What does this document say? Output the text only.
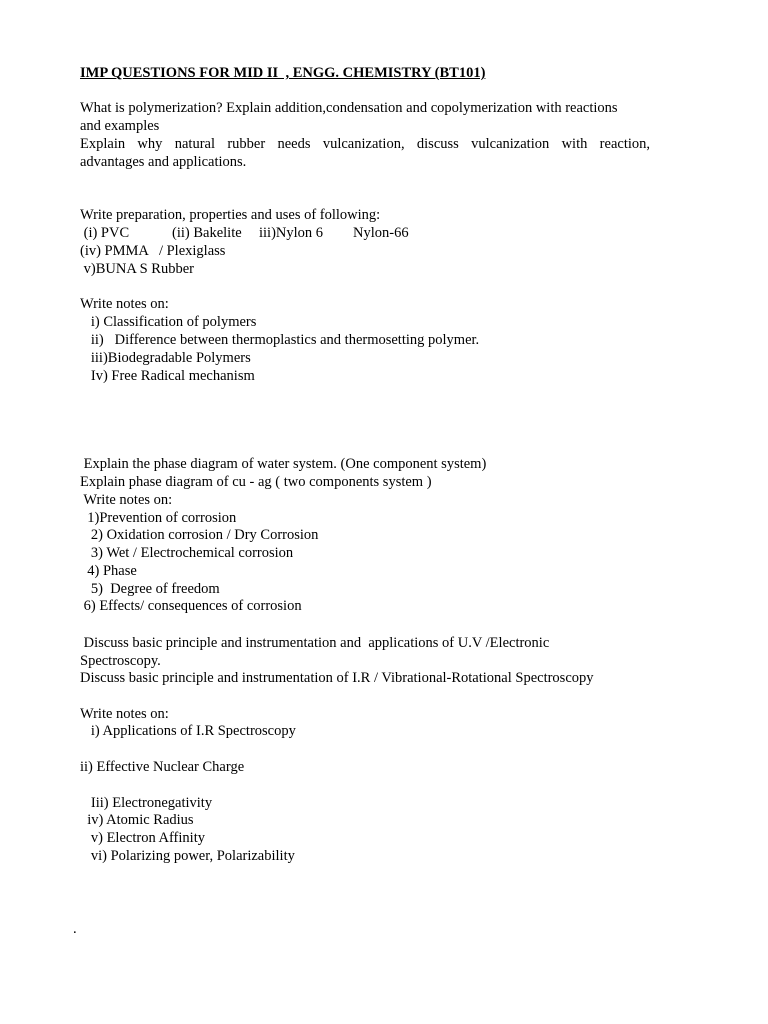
IMP QUESTIONS FOR MID II  , ENGG. CHEMISTRY (BT101)
What is polymerization? Explain addition,condensation and copolymerization with reactions
and examples
Explain why natural rubber needs vulcanization, discuss vulcanization with reaction,
advantages and applications.
Write preparation, properties and uses of following:
(i) PVC	(ii) Bakelite iii)Nylon 6 Nylon-66
(iv) PMMA   / Plexiglass
v)BUNA S Rubber
Write notes on:
i) Classification of polymers
ii)   Difference between thermoplastics and thermosetting polymer.
iii)Biodegradable Polymers
Iv) Free Radical mechanism
Explain the phase diagram of water system. (One component system)
Explain phase diagram of cu - ag ( two components system )
Write notes on:
1)Prevention of corrosion
2) Oxidation corrosion / Dry Corrosion
3) Wet / Electrochemical corrosion
4) Phase
5)  Degree of freedom
6) Effects/ consequences of corrosion
Discuss basic principle and instrumentation and  applications of U.V /Electronic
Spectroscopy.
Discuss basic principle and instrumentation of I.R / Vibrational-Rotational Spectroscopy
Write notes on:
i) Applications of I.R Spectroscopy
ii) Effective Nuclear Charge
Iii) Electronegativity
iv) Atomic Radius
v) Electron Affinity
vi) Polarizing power, Polarizability
.
